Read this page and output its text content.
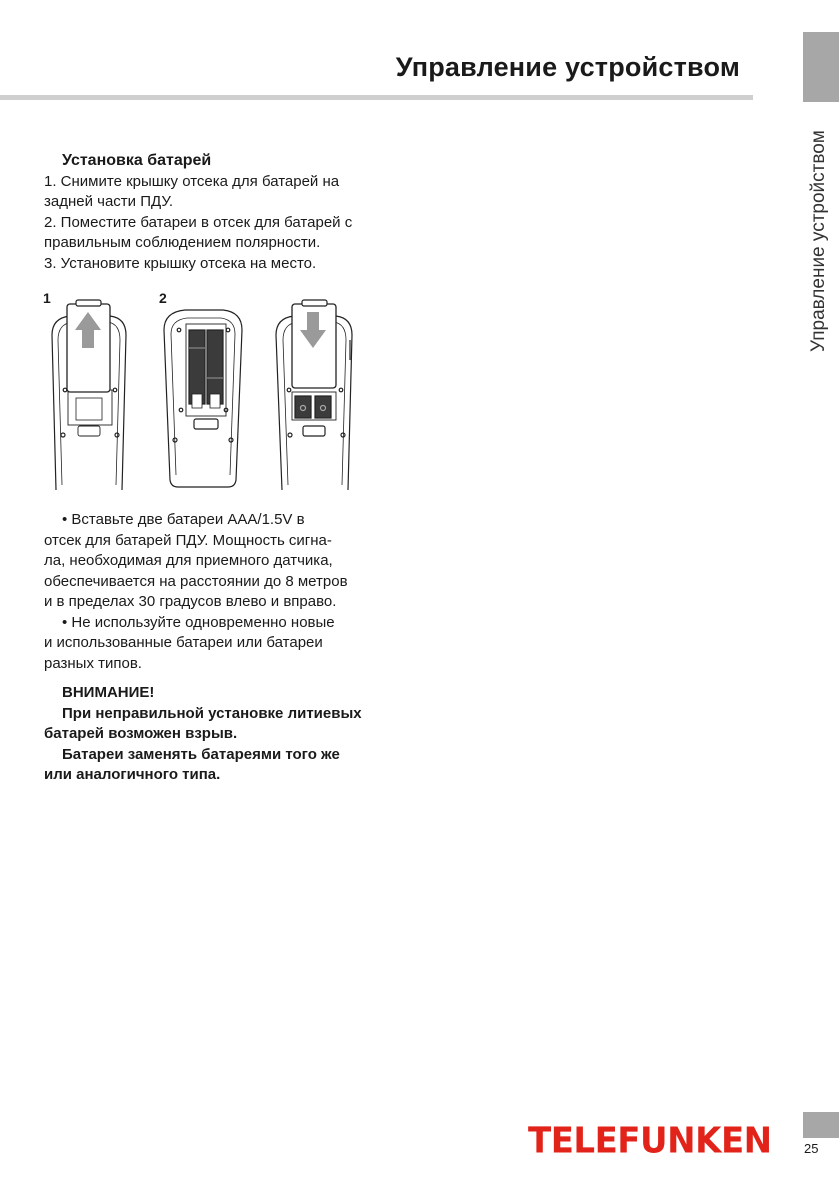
Управление устройством
Управление устройством

Установка батарей

1. Снимите крышку отсека для батарей на

задней части ПДУ.

2. Поместите батареи в отсек для батарей с

правильным соблюдением полярности.

3. Установите крышку отсека на место.

1	2

• Вставьте две батареи ААА/1.5V в

отсек для батарей ПДУ. Мощность сигна-

ла, необходимая для приемного датчика,

обеспечивается на расстоянии до 8 метров

и в пределах 30 градусов влево и вправо.

• Не используйте одновременно новые

и использованные батареи или батареи

разных типов.

ВНИМАНИЕ!

При неправильной установке литиевых

батарей возможен взрыв.

Батареи заменять батареями того же

или аналогичного типа.

TELEFUNKEN 25
